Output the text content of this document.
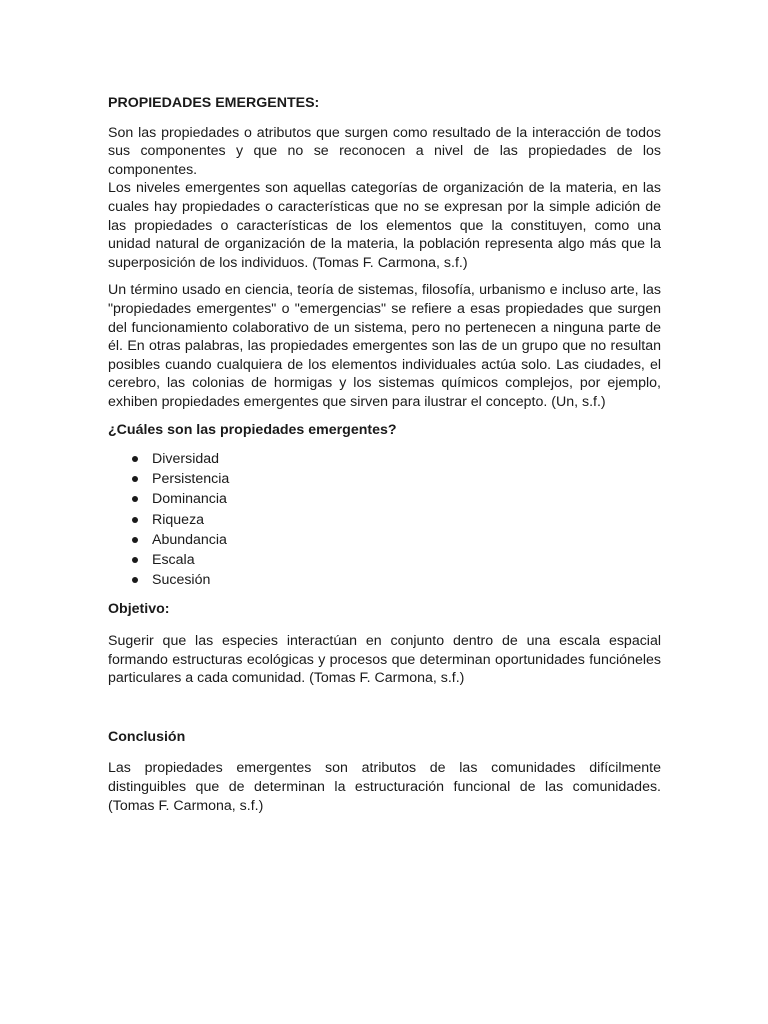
PROPIEDADES EMERGENTES:

Son las propiedades o atributos que surgen como resultado de la interacción de todos sus componentes y que no se reconocen a nivel de las propiedades de los componentes.

Los niveles emergentes son aquellas categorías de organización de la materia, en las cuales hay propiedades o características que no se expresan por la simple adición de las propiedades o características de los elementos que la constituyen, como una unidad natural de organización de la materia, la población representa algo más que la superposición de los individuos. (Tomas F. Carmona, s.f.)

Un término usado en ciencia, teoría de sistemas, filosofía, urbanismo e incluso arte, las "propiedades emergentes" o "emergencias" se refiere a esas propiedades que surgen del funcionamiento colaborativo de un sistema, pero no pertenecen a ninguna parte de él. En otras palabras, las propiedades emergentes son las de un grupo que no resultan posibles cuando cualquiera de los elementos individuales actúa solo. Las ciudades, el cerebro, las colonias de hormigas y los sistemas químicos complejos, por ejemplo, exhiben propiedades emergentes que sirven para ilustrar el concepto. (Un, s.f.)

¿Cuáles son las propiedades emergentes?

Diversidad
Persistencia
Dominancia
Riqueza
Abundancia
Escala
Sucesión

Objetivo:

Sugerir que las especies interactúan en conjunto dentro de una escala espacial formando estructuras ecológicas y procesos que determinan oportunidades funcióneles particulares a cada comunidad. (Tomas F. Carmona, s.f.)

Conclusión

Las propiedades emergentes son atributos de las comunidades difícilmente distinguibles que de determinan la estructuración funcional de las comunidades. (Tomas F. Carmona, s.f.)
